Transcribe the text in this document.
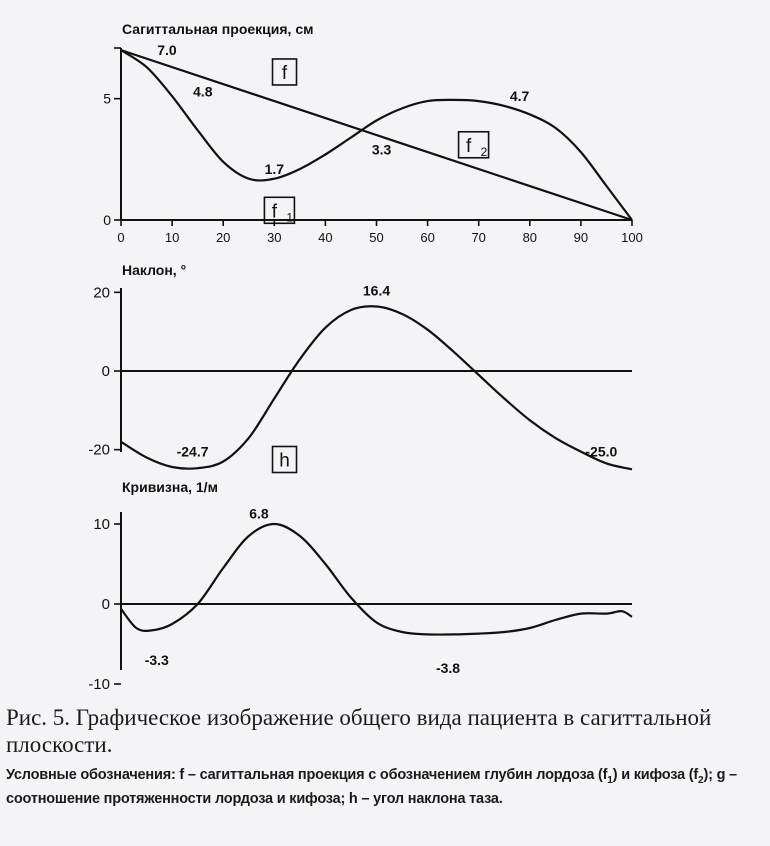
Сагиттальная проекция, см
0	10	20	30	40	50	60	70	80	90	100
0
5
7.0
4.8
1.7
3.3
4.7
f
f 1
f 2
Наклон, °
20
0
-20
16.4
-24.7	-25.0
h
Кривизна, 1/м
10
0
-10
6.8
-3.3	-3.8
Рис. 5. Графическое изображение общего вида пациента в сагиттальной плоскости.
Условные обозначения: f – сагиттальная проекция с обозначением глубин лордоза $(f_1)$ и кифоза $(f_2)$; g – соотношение протяженности лордоза и кифоза; h – угол наклона таза.
